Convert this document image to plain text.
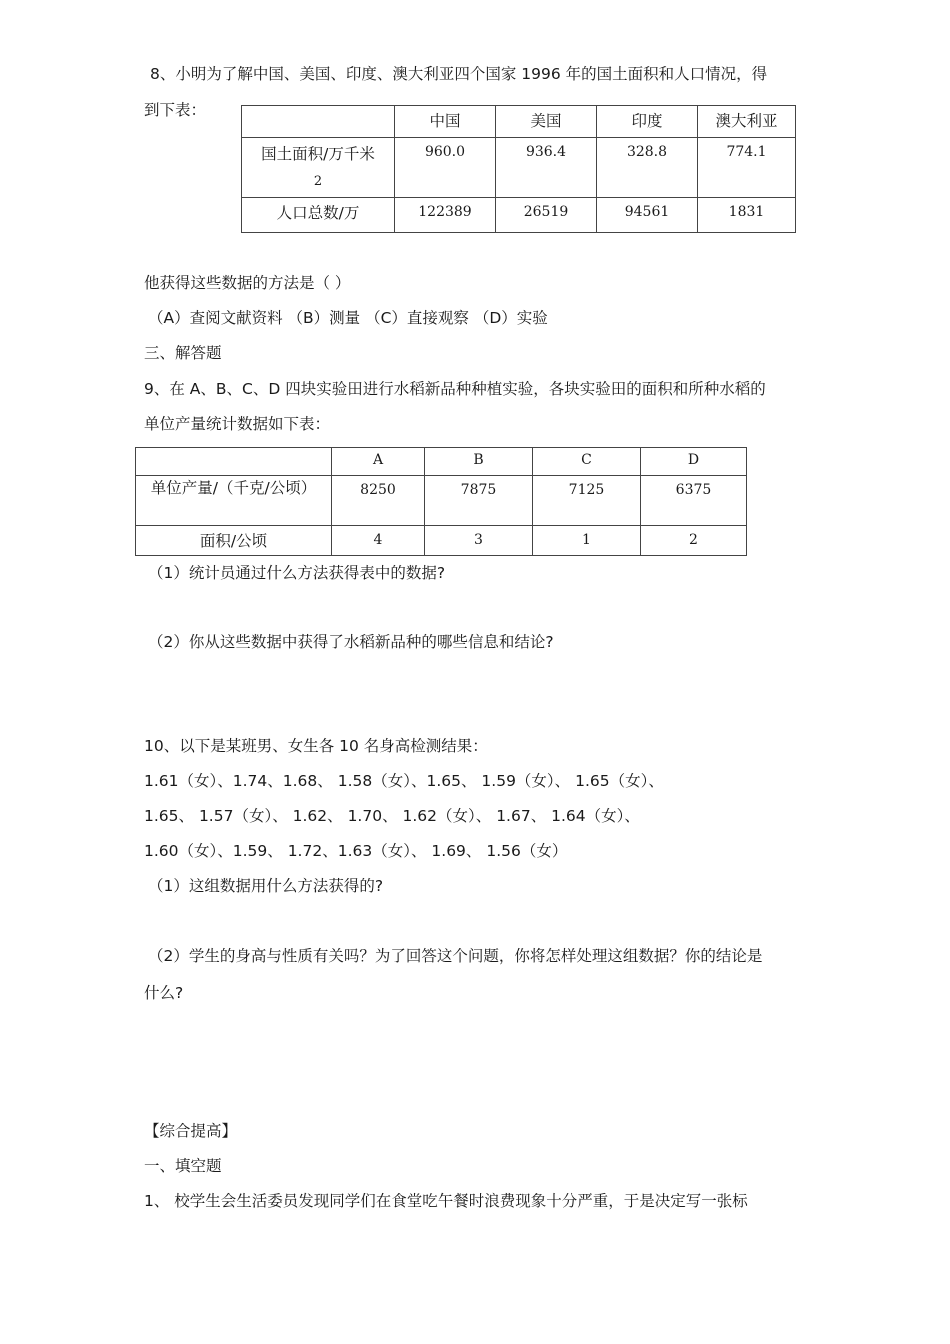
8、小明为了解中国、美国、印度、澳大利亚四个国家 1996 年的国土面积和人口情况，得
到下表：
	中国	美国	印度	澳大利亚
国土面积/万千米
2	960.0	936.4	328.8	774.1
人口总数/万	122389	26519	94561	1831
他获得这些数据的方法是（ ）
（A）查阅文献资料 （B）测量 （C）直接观察 （D）实验
三、解答题
9、在 A、B、C、D 四块实验田进行水稻新品种种植实验，各块实验田的面积和所种水稻的
单位产量统计数据如下表：
	A	B	C	D
单位产量/（千克/公顷）	8250	7875	7125	6375
面积/公顷	4	3	1	2
（1）统计员通过什么方法获得表中的数据?
（2）你从这些数据中获得了水稻新品种的哪些信息和结论?
10、以下是某班男、女生各 10 名身高检测结果：
1.61（女）、1.74、1.68、 1.58（女）、1.65、 1.59（女）、 1.65（女）、
1.65、 1.57（女）、 1.62、 1.70、 1.62（女）、 1.67、 1.64（女）、
1.60（女）、1.59、 1.72、1.63（女）、 1.69、 1.56（女）
（1）这组数据用什么方法获得的?
（2）学生的身高与性质有关吗？为了回答这个问题，你将怎样处理这组数据？你的结论是
什么?
【综合提高】
一、填空题
1、 校学生会生活委员发现同学们在食堂吃午餐时浪费现象十分严重，于是决定写一张标
